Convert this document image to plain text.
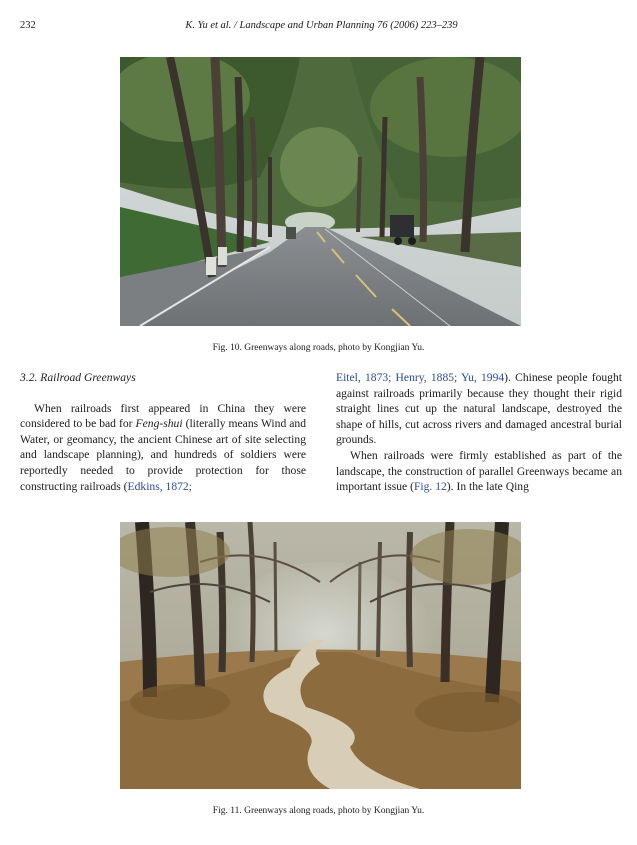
232	K. Yu et al. / Landscape and Urban Planning 76 (2006) 223–239
Fig. 10. Greenways along roads, photo by Kongjian Yu.
3.2. Railroad Greenways

When railroads first appeared in China they were considered to be bad for Feng-shui (literally means Wind and Water, or geomancy, the ancient Chinese art of site selecting and landscape planning), and hundreds of soldiers were reportedly needed to provide protection for those constructing railroads (Edkins, 1872;

Eitel, 1873; Henry, 1885; Yu, 1994). Chinese people fought against railroads primarily because they thought their rigid straight lines cut up the natural landscape, destroyed the shape of hills, cut across rivers and damaged ancestral burial grounds.

When railroads were firmly established as part of the landscape, the construction of parallel Greenways became an important issue (Fig. 12). In the late Qing

Fig. 11. Greenways along roads, photo by Kongjian Yu.
